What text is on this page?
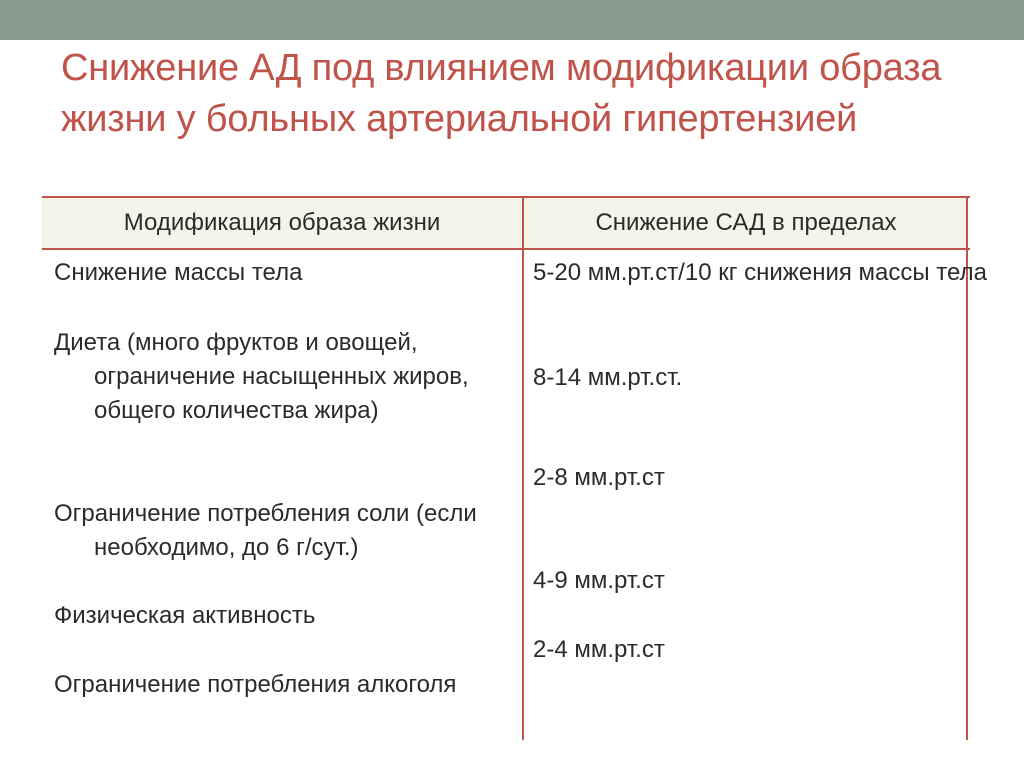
Снижение АД под влиянием модификации образа жизни у больных артериальной гипертензией
Модификация образа жизни	Снижение САД в пределах
Снижение массы тела
Диета (много фруктов и овощей, ограничение насыщенных жиров, общего количества жира)
Ограничение потребления соли (если необходимо, до 6 г/сут.)
Физическая активность
Ограничение потребления алкоголя
5-20 мм.рт.ст/10 кг снижения массы тела
8-14 мм.рт.ст.
2-8 мм.рт.ст
4-9 мм.рт.ст
2-4 мм.рт.ст
